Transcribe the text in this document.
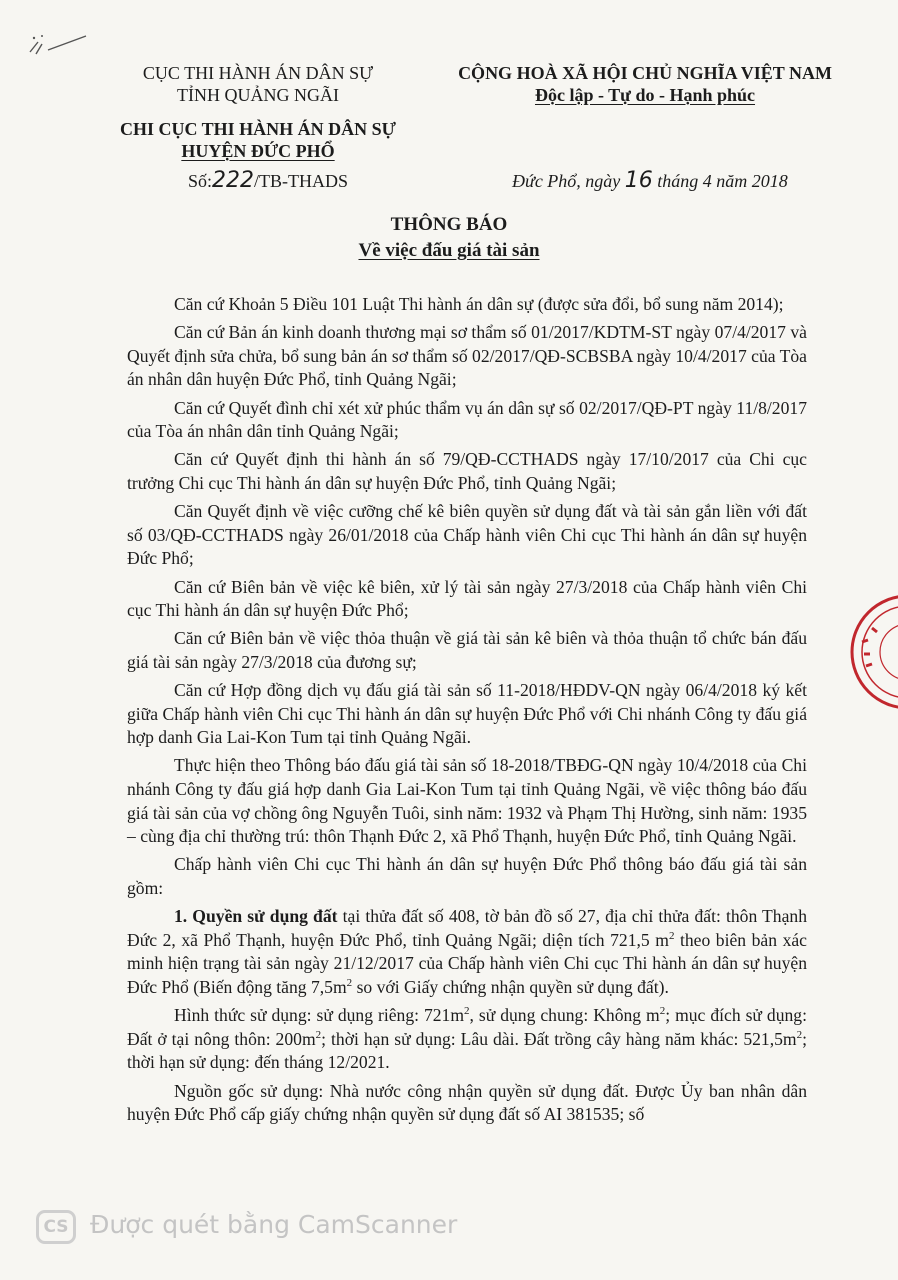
CỤC THI HÀNH ÁN DÂN SỰ
TỈNH QUẢNG NGÃI
CHI CỤC THI HÀNH ÁN DÂN SỰ
HUYỆN ĐỨC PHỔ
Số:222/TB-THADS
CỘNG HOÀ XÃ HỘI CHỦ NGHĨA VIỆT NAM
Độc lập - Tự do - Hạnh phúc
Đức Phổ, ngày 16 tháng 4 năm 2018
THÔNG BÁO
Về việc đấu giá tài sản

Căn cứ Khoản 5 Điều 101 Luật Thi hành án dân sự (được sửa đổi, bổ sung năm 2014);

Căn cứ Bản án kinh doanh thương mại sơ thẩm số 01/2017/KDTM-ST ngày 07/4/2017 và Quyết định sửa chửa, bổ sung bản án sơ thẩm số 02/2017/QĐ-SCBSBA ngày 10/4/2017 của Tòa án nhân dân huyện Đức Phổ, tỉnh Quảng Ngãi;

Căn cứ Quyết đình chỉ xét xử phúc thẩm vụ án dân sự số 02/2017/QĐ-PT ngày 11/8/2017 của Tòa án nhân dân tỉnh Quảng Ngãi;

Căn cứ Quyết định thi hành án số 79/QĐ-CCTHADS ngày 17/10/2017 của Chi cục trưởng Chi cục Thi hành án dân sự huyện Đức Phổ, tỉnh Quảng Ngãi;

Căn Quyết định về việc cưỡng chế kê biên quyền sử dụng đất và tài sản gắn liền với đất số 03/QĐ-CCTHADS ngày 26/01/2018 của Chấp hành viên Chi cục Thi hành án dân sự huyện Đức Phổ;

Căn cứ Biên bản về việc kê biên, xử lý tài sản ngày 27/3/2018 của Chấp hành viên Chi cục Thi hành án dân sự huyện Đức Phổ;

Căn cứ Biên bản về việc thỏa thuận về giá tài sản kê biên và thỏa thuận tổ chức bán đấu giá tài sản ngày 27/3/2018 của đương sự;

Căn cứ Hợp đồng dịch vụ đấu giá tài sản số 11-2018/HĐDV-QN ngày 06/4/2018 ký kết giữa Chấp hành viên Chi cục Thi hành án dân sự huyện Đức Phổ với Chi nhánh Công ty đấu giá hợp danh Gia Lai-Kon Tum tại tỉnh Quảng Ngãi.

Thực hiện theo Thông báo đấu giá tài sản số 18-2018/TBĐG-QN ngày 10/4/2018 của Chi nhánh Công ty đấu giá hợp danh Gia Lai-Kon Tum tại tỉnh Quảng Ngãi, về việc thông báo đấu giá tài sản của vợ chồng ông Nguyễn Tuôi, sinh năm: 1932 và Phạm Thị Hường, sinh năm: 1935 – cùng địa chỉ thường trú: thôn Thạnh Đức 2, xã Phổ Thạnh, huyện Đức Phổ, tỉnh Quảng Ngãi.

Chấp hành viên Chi cục Thi hành án dân sự huyện Đức Phổ thông báo đấu giá tài sản gồm:

1. Quyền sử dụng đất tại thửa đất số 408, tờ bản đồ số 27, địa chỉ thửa đất: thôn Thạnh Đức 2, xã Phổ Thạnh, huyện Đức Phổ, tỉnh Quảng Ngãi; diện tích 721,5 $m^2$ theo biên bản xác minh hiện trạng tài sản ngày 21/12/2017 của Chấp hành viên Chi cục Thi hành án dân sự huyện Đức Phổ (Biến động tăng $7,5m^2$ so với Giấy chứng nhận quyền sử dụng đất).

Hình thức sử dụng: sử dụng riêng: $721m^2$, sử dụng chung: Không $m^2$; mục đích sử dụng: Đất ở tại nông thôn: $200m^2$; thời hạn sử dụng: Lâu dài. Đất trồng cây hàng năm khác: $521,5m^2$; thời hạn sử dụng: đến tháng 12/2021.

Nguồn gốc sử dụng: Nhà nước công nhận quyền sử dụng đất. Được Ủy ban nhân dân huyện Đức Phổ cấp giấy chứng nhận quyền sử dụng đất số AI 381535; số

CS Được quét bằng CamScanner
